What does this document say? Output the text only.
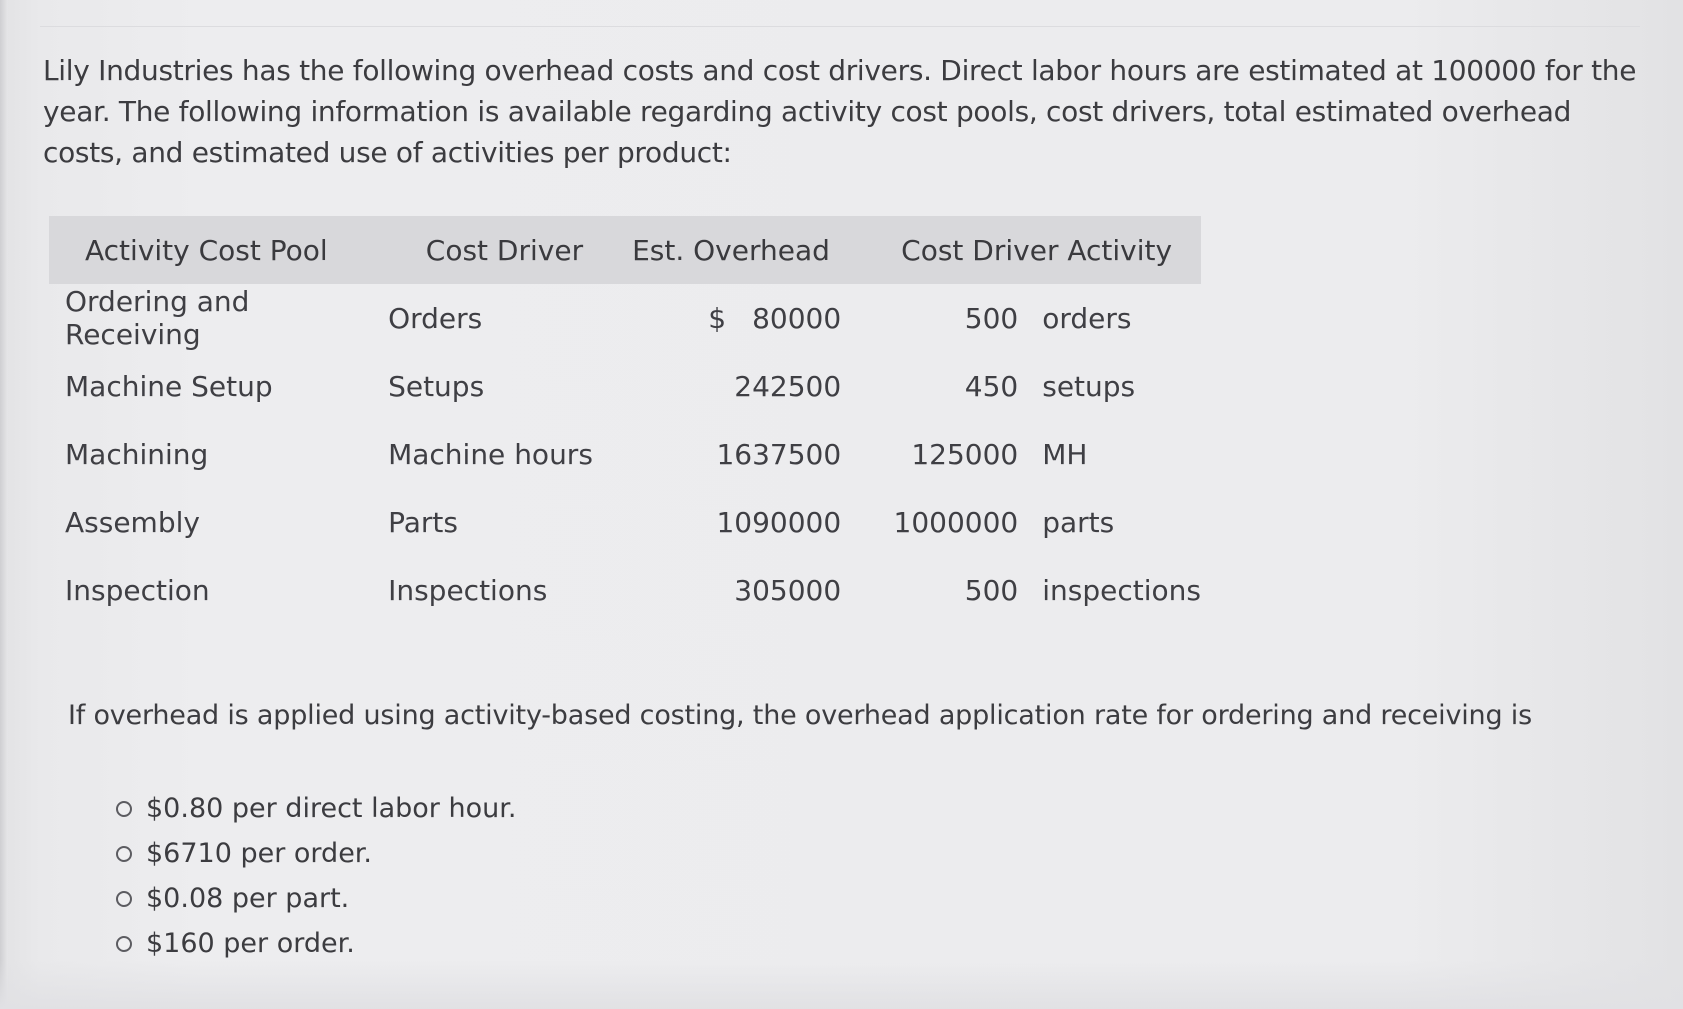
Lily Industries has the following overhead costs and cost drivers. Direct labor hours are estimated at 100000 for the year. The following information is available regarding activity cost pools, cost drivers, total estimated overhead costs, and estimated use of activities per product:
Activity Cost Pool	Cost Driver	Est. Overhead	Cost Driver Activity	
Ordering and Receiving	Orders	$ 80000	500	orders
Machine Setup	Setups	242500	450	setups
Machining	Machine hours	1637500	125000	MH
Assembly	Parts	1090000	1000000	parts
Inspection	Inspections	305000	500	inspections
If overhead is applied using activity-based costing, the overhead application rate for ordering and receiving is
$0.80 per direct labor hour.
$6710 per order.
$0.08 per part.
$160 per order.
